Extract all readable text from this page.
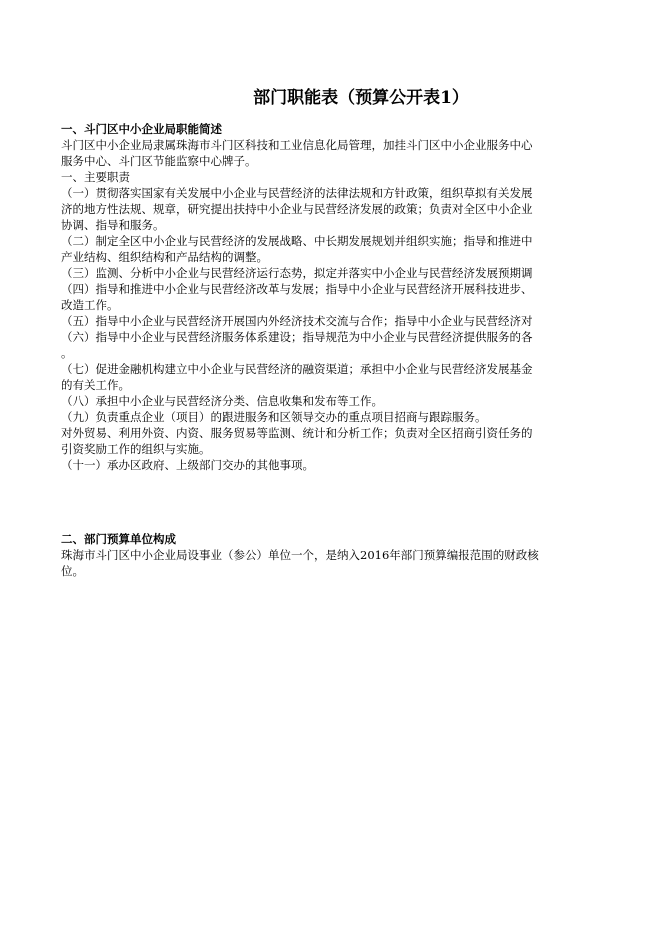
部门职能表（预算公开表1）
一、斗门区中小企业局职能简述
斗门区中小企业局隶属珠海市斗门区科技和工业信息化局管理，加挂斗门区中小企业服务中心
服务中心、斗门区节能监察中心牌子。
一、主要职责
（一）贯彻落实国家有关发展中小企业与民营经济的法律法规和方针政策，组织草拟有关发展
济的地方性法规、规章，研究提出扶持中小企业与民营经济发展的政策；负责对全区中小企业
协调、指导和服务。
（二）制定全区中小企业与民营经济的发展战略、中长期发展规划并组织实施；指导和推进中
产业结构、组织结构和产品结构的调整。
（三）监测、分析中小企业与民营经济运行态势，拟定并落实中小企业与民营经济发展预期调
（四）指导和推进中小企业与民营经济改革与发展；指导中小企业与民营经济开展科技进步、
改造工作。
（五）指导中小企业与民营经济开展国内外经济技术交流与合作；指导中小企业与民营经济对
（六）指导中小企业与民营经济服务体系建设；指导规范为中小企业与民营经济提供服务的各
。
（七）促进金融机构建立中小企业与民营经济的融资渠道；承担中小企业与民营经济发展基金
的有关工作。
（八）承担中小企业与民营经济分类、信息收集和发布等工作。
（九）负责重点企业（项目）的跟进服务和区领导交办的重点项目招商与跟踪服务。
对外贸易、利用外资、内资、服务贸易等监测、统计和分析工作；负责对全区招商引资任务的
引资奖励工作的组织与实施。
（十一）承办区政府、上级部门交办的其他事项。
二、部门预算单位构成
珠海市斗门区中小企业局设事业（参公）单位一个，是纳入2016年部门预算编报范围的财政核
位。
